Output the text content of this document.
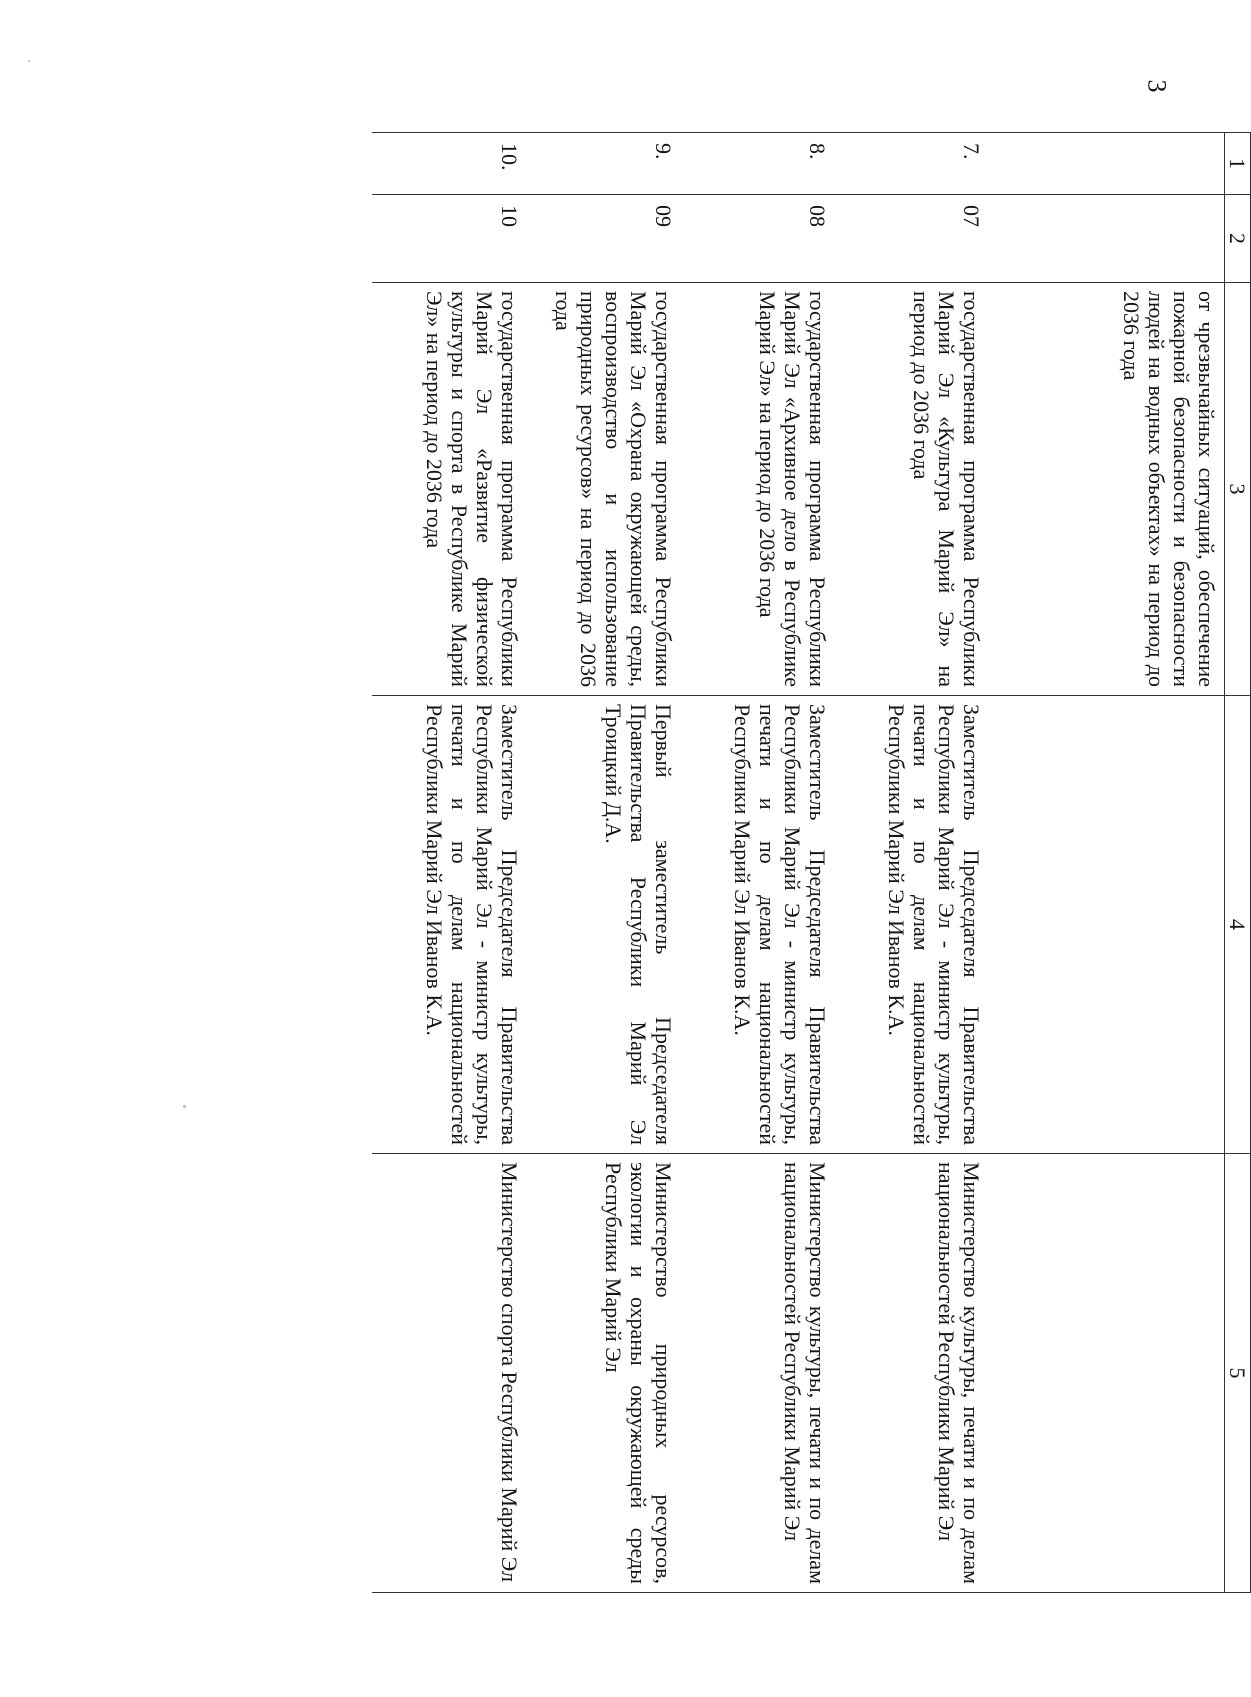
3
1	2	3	4	5
		от чрезвычайных ситуаций, обеспечение пожарной безопасности и безопасности людей на водных объектах» на период до 2036 года		
7.	07	государственная программа Республики Марий Эл «Культура Марий Эл» на период до 2036 года	Заместитель Председателя Правительства Республики Марий Эл - министр культуры, печати и по делам национальностей Республики Марий Эл Иванов К.А.	Министерство культуры, печати и по делам национальностей Республики Марий Эл
8.	08	государственная программа Республики Марий Эл «Архивное дело в Республике Марий Эл» на период до 2036 года	Заместитель Председателя Правительства Республики Марий Эл - министр культуры, печати и по делам национальностей Республики Марий Эл Иванов К.А.	Министерство культуры, печати и по делам национальностей Республики Марий Эл
9.	09	государственная программа Республики Марий Эл «Охрана окружающей среды, воспроизводство и использование природных ресурсов» на период до 2036 года	Первый заместитель Председателя Правительства Республики Марий Эл Троицкий Д.А.	Министерство природных ресурсов, экологии и охраны окружающей среды Республики Марий Эл
10.	10	государственная программа Республики Марий Эл «Развитие физической культуры и спорта в Республике Марий Эл» на период до 2036 года	Заместитель Председателя Правительства Республики Марий Эл - министр культуры, печати и по делам национальностей Республики Марий Эл Иванов К.А.	Министерство спорта Республики Марий Эл
